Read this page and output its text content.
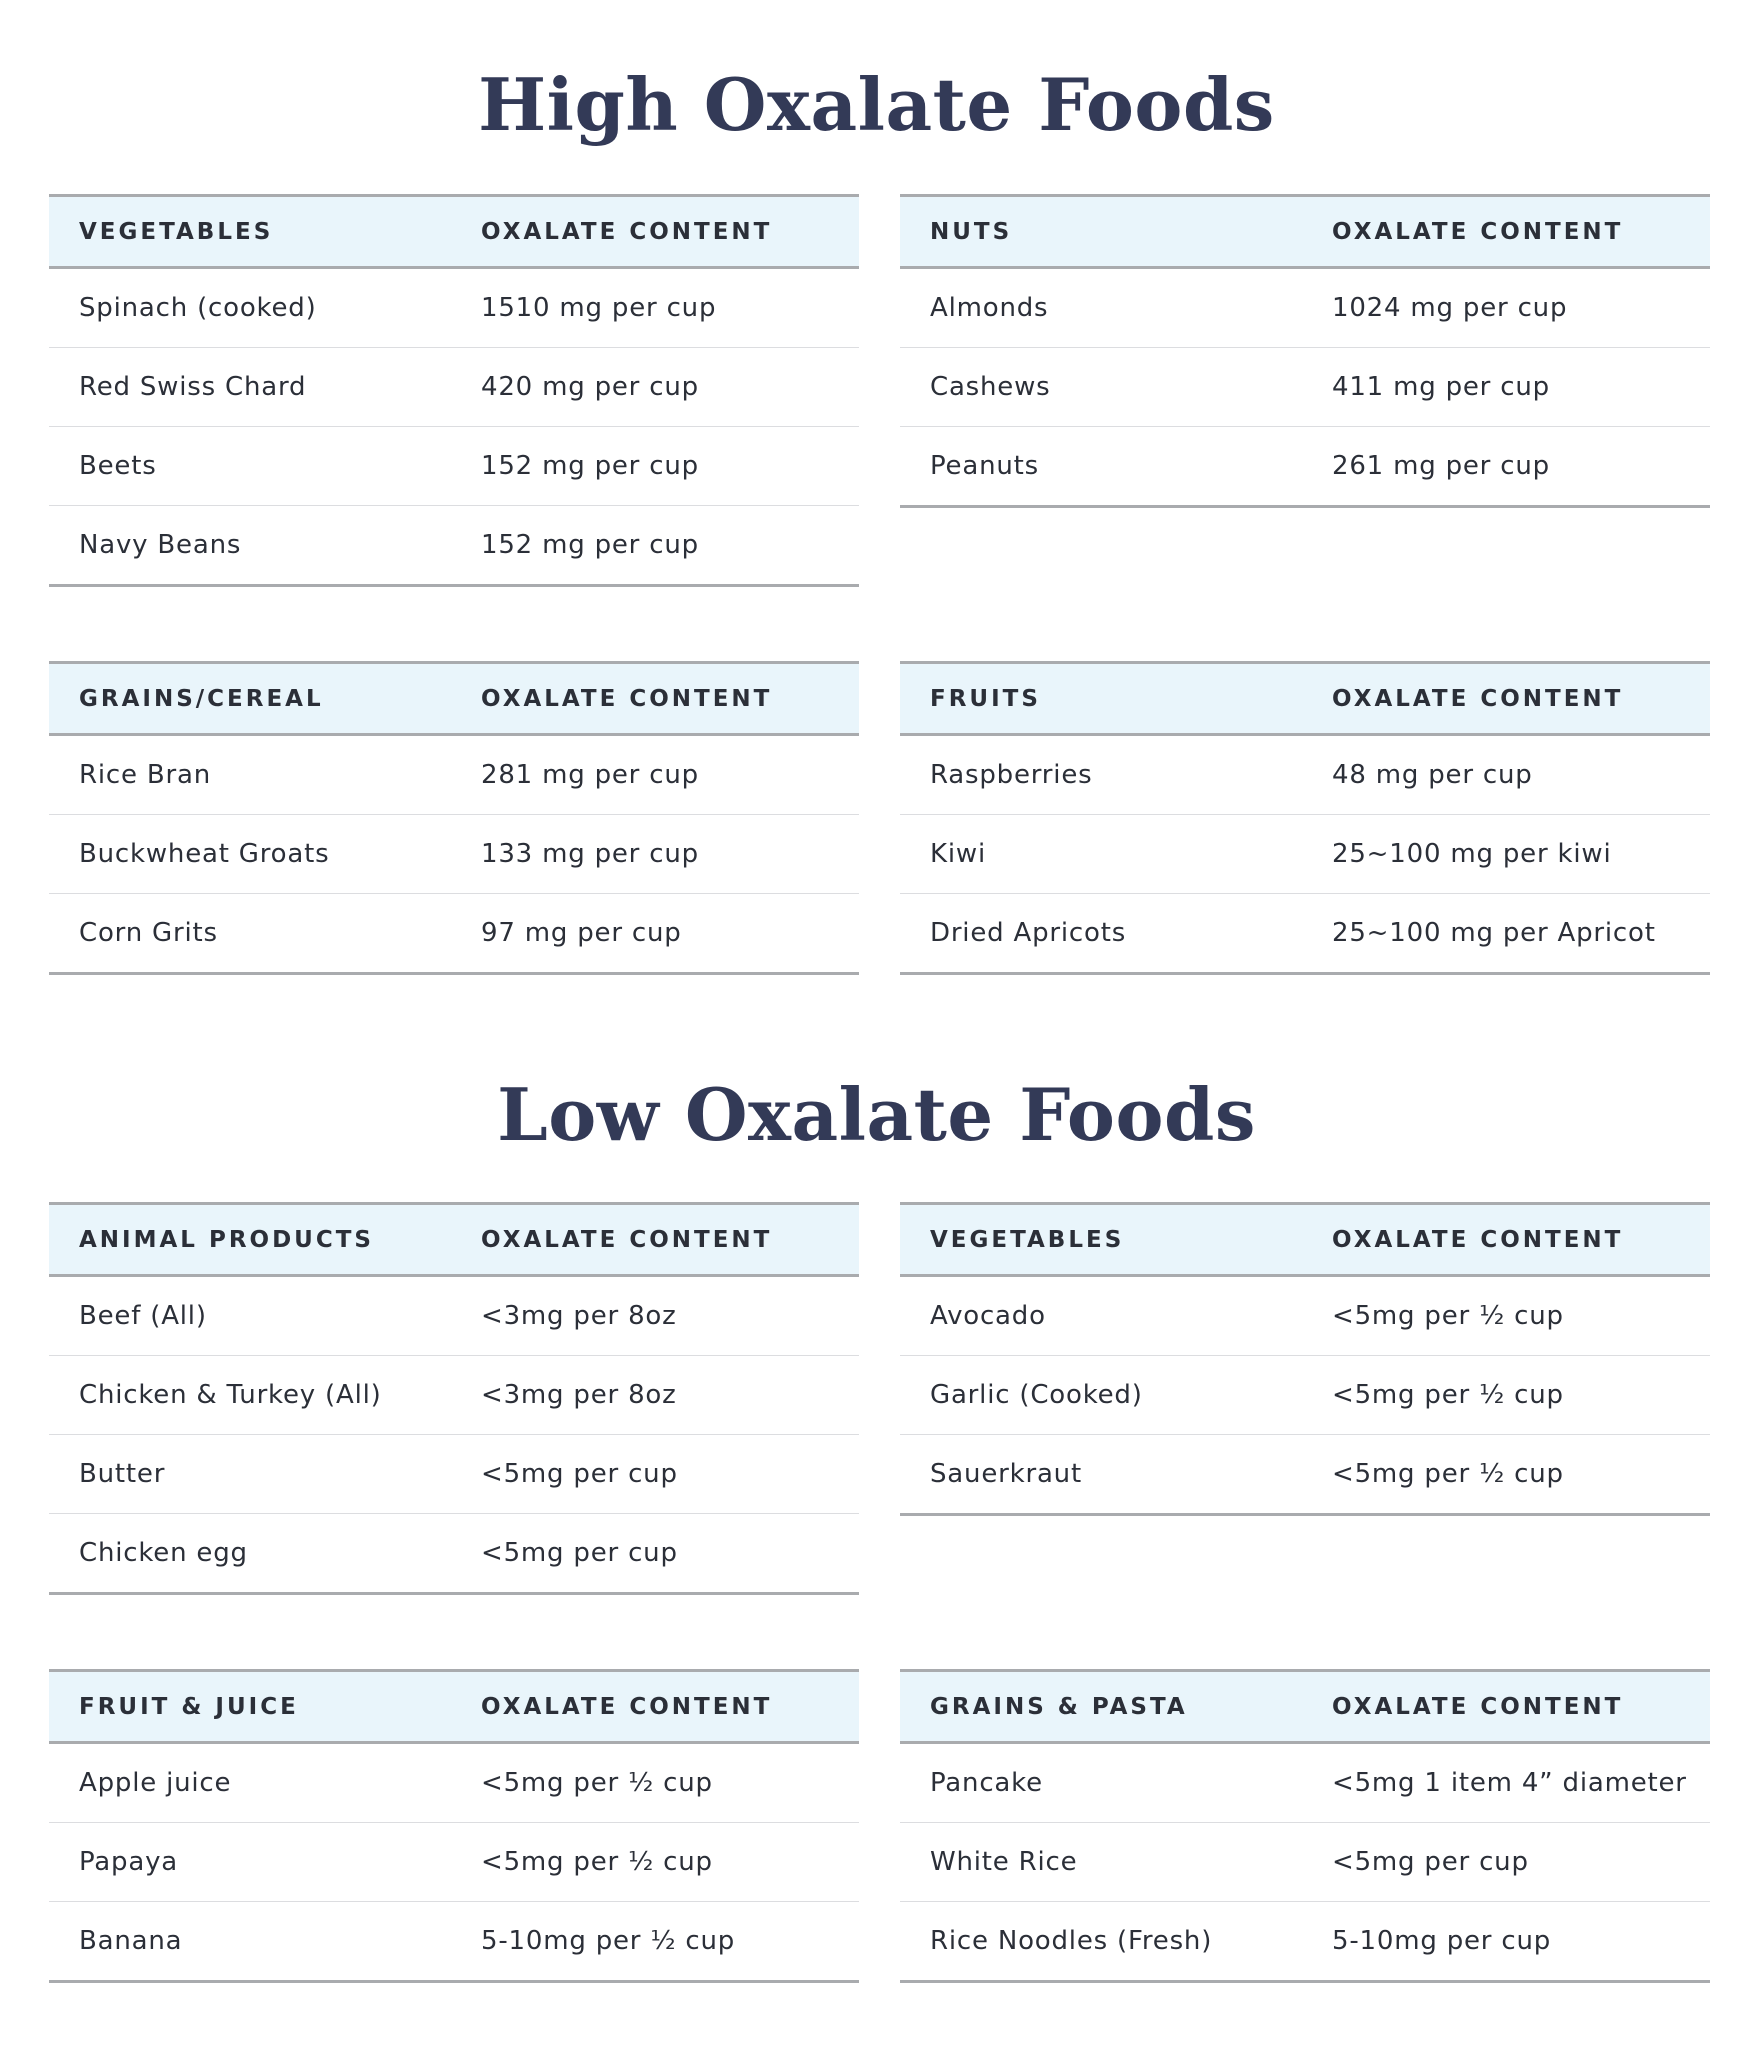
High Oxalate Foods
VEGETABLES	OXALATE CONTENT
Spinach (cooked)	1510 mg per cup
Red Swiss Chard	420 mg per cup
Beets	152 mg per cup
Navy Beans	152 mg per cup
NUTS	OXALATE CONTENT
Almonds	1024 mg per cup
Cashews	411 mg per cup
Peanuts	261 mg per cup
GRAINS/CEREAL	OXALATE CONTENT
Rice Bran	281 mg per cup
Buckwheat Groats	133 mg per cup
Corn Grits	97 mg per cup
FRUITS	OXALATE CONTENT
Raspberries	48 mg per cup
Kiwi	25~100 mg per kiwi
Dried Apricots	25~100 mg per Apricot
Low Oxalate Foods
ANIMAL PRODUCTS	OXALATE CONTENT
Beef (All)	<3mg per 8oz
Chicken & Turkey (All)	<3mg per 8oz
Butter	<5mg per cup
Chicken egg	<5mg per cup
VEGETABLES	OXALATE CONTENT
Avocado	<5mg per ½ cup
Garlic (Cooked)	<5mg per ½ cup
Sauerkraut	<5mg per ½ cup
FRUIT & JUICE	OXALATE CONTENT
Apple juice	<5mg per ½ cup
Papaya	<5mg per ½ cup
Banana	5-10mg per ½ cup
GRAINS & PASTA	OXALATE CONTENT
Pancake	<5mg 1 item 4” diameter
White Rice	<5mg per cup
Rice Noodles (Fresh)	5-10mg per cup
